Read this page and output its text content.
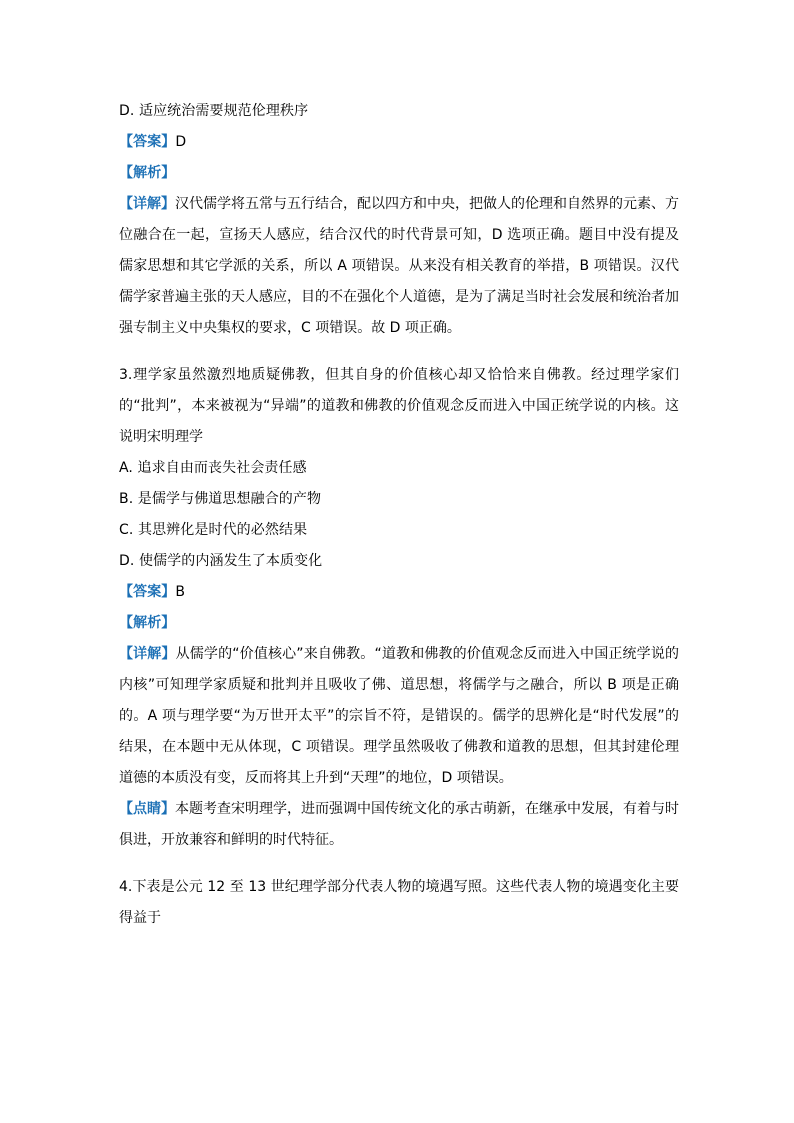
D. 适应统治需要规范伦理秩序
【答案】D
【解析】
【详解】汉代儒学将五常与五行结合，配以四方和中央，把做人的伦理和自然界的元素、方位融合在一起，宣扬天人感应，结合汉代的时代背景可知，D 选项正确。题目中没有提及儒家思想和其它学派的关系，所以 A 项错误。从来没有相关教育的举措，B 项错误。汉代儒学家普遍主张的天人感应，目的不在强化个人道德，是为了满足当时社会发展和统治者加强专制主义中央集权的要求，C 项错误。故 D 项正确。
3.理学家虽然激烈地质疑佛教，但其自身的价值核心却又恰恰来自佛教。经过理学家们的“批判”，本来被视为“异端”的道教和佛教的价值观念反而进入中国正统学说的内核。这说明宋明理学
A. 追求自由而丧失社会责任感
B. 是儒学与佛道思想融合的产物
C. 其思辨化是时代的必然结果
D. 使儒学的内涵发生了本质变化
【答案】B
【解析】
【详解】从儒学的“价值核心”来自佛教。“道教和佛教的价值观念反而进入中国正统学说的内核”可知理学家质疑和批判并且吸收了佛、道思想，将儒学与之融合，所以 B 项是正确的。A 项与理学要“为万世开太平”的宗旨不符，是错误的。儒学的思辨化是“时代发展”的结果，在本题中无从体现，C 项错误。理学虽然吸收了佛教和道教的思想，但其封建伦理道德的本质没有变，反而将其上升到“天理”的地位，D 项错误。
【点睛】本题考查宋明理学，进而强调中国传统文化的承古萌新，在继承中发展，有着与时俱进，开放兼容和鲜明的时代特征。
4.下表是公元 12 至 13 世纪理学部分代表人物的境遇写照。这些代表人物的境遇变化主要得益于
